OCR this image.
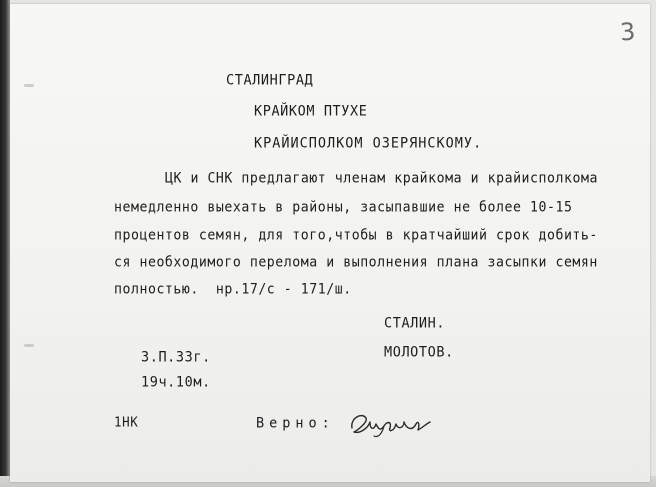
3
СТАЛИНГРАД
КРАЙКОМ ПТУХЕ
КРАЙИСПОЛКОМ ОЗЕРЯНСКОМУ.
ЦК и СНК предлагают членам крайкома и крайисполкома
немедленно выехать в районы, засыпавшие не более 10-15
процентов семян, для того,чтобы в кратчайший срок добить-
ся необходимого перелома и выполнения плана засыпки семян
полностью.  нр.17/с - 171/ш.
СТАЛИН.
МОЛОТОВ.
3.П.33г.
19ч.10м.
1НК	Верно:
